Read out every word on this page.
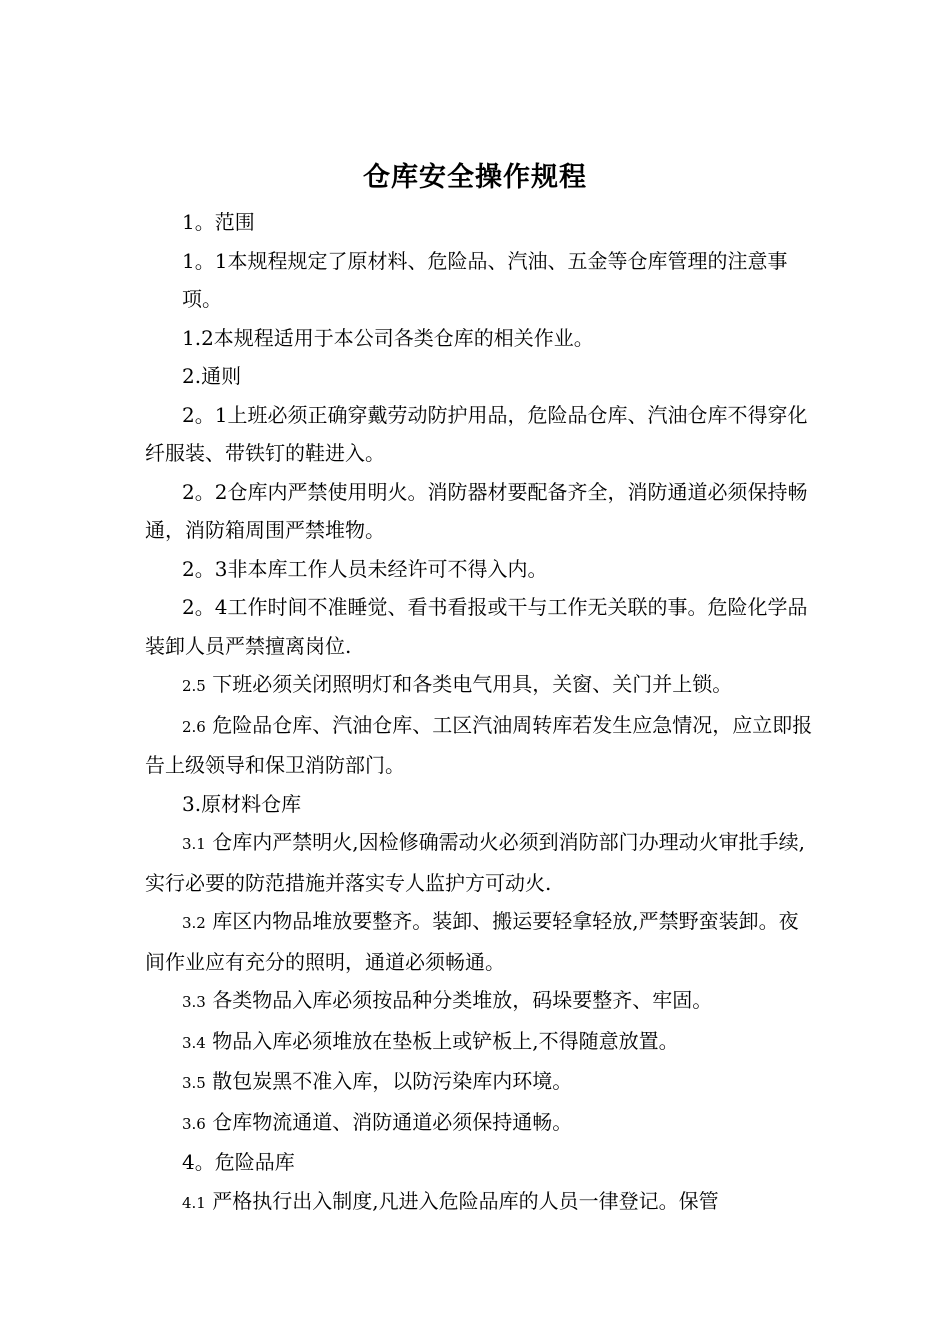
仓库安全操作规程

1。范围

1。1本规程规定了原材料、危险品、汽油、五金等仓库管理的注意事项。

1.2本规程适用于本公司各类仓库的相关作业。

2.通则

2。1上班必须正确穿戴劳动防护用品，危险品仓库、汽油仓库不得穿化纤服装、带铁钉的鞋进入。

2。2仓库内严禁使用明火。消防器材要配备齐全，消防通道必须保持畅通，消防箱周围严禁堆物。

2。3非本库工作人员未经许可不得入内。

2。4工作时间不准睡觉、看书看报或干与工作无关联的事。危险化学品装卸人员严禁擅离岗位.

2.5 下班必须关闭照明灯和各类电气用具，关窗、关门并上锁。

2.6 危险品仓库、汽油仓库、工区汽油周转库若发生应急情况，应立即报告上级领导和保卫消防部门。

3.原材料仓库

3.1 仓库内严禁明火,因检修确需动火必须到消防部门办理动火审批手续,实行必要的防范措施并落实专人监护方可动火.

3.2 库区内物品堆放要整齐。装卸、搬运要轻拿轻放,严禁野蛮装卸。夜间作业应有充分的照明，通道必须畅通。

3.3 各类物品入库必须按品种分类堆放，码垛要整齐、牢固。

3.4 物品入库必须堆放在垫板上或铲板上,不得随意放置。

3.5 散包炭黑不准入库，以防污染库内环境。

3.6 仓库物流通道、消防通道必须保持通畅。

4。危险品库

4.1 严格执行出入制度,凡进入危险品库的人员一律登记。保管
